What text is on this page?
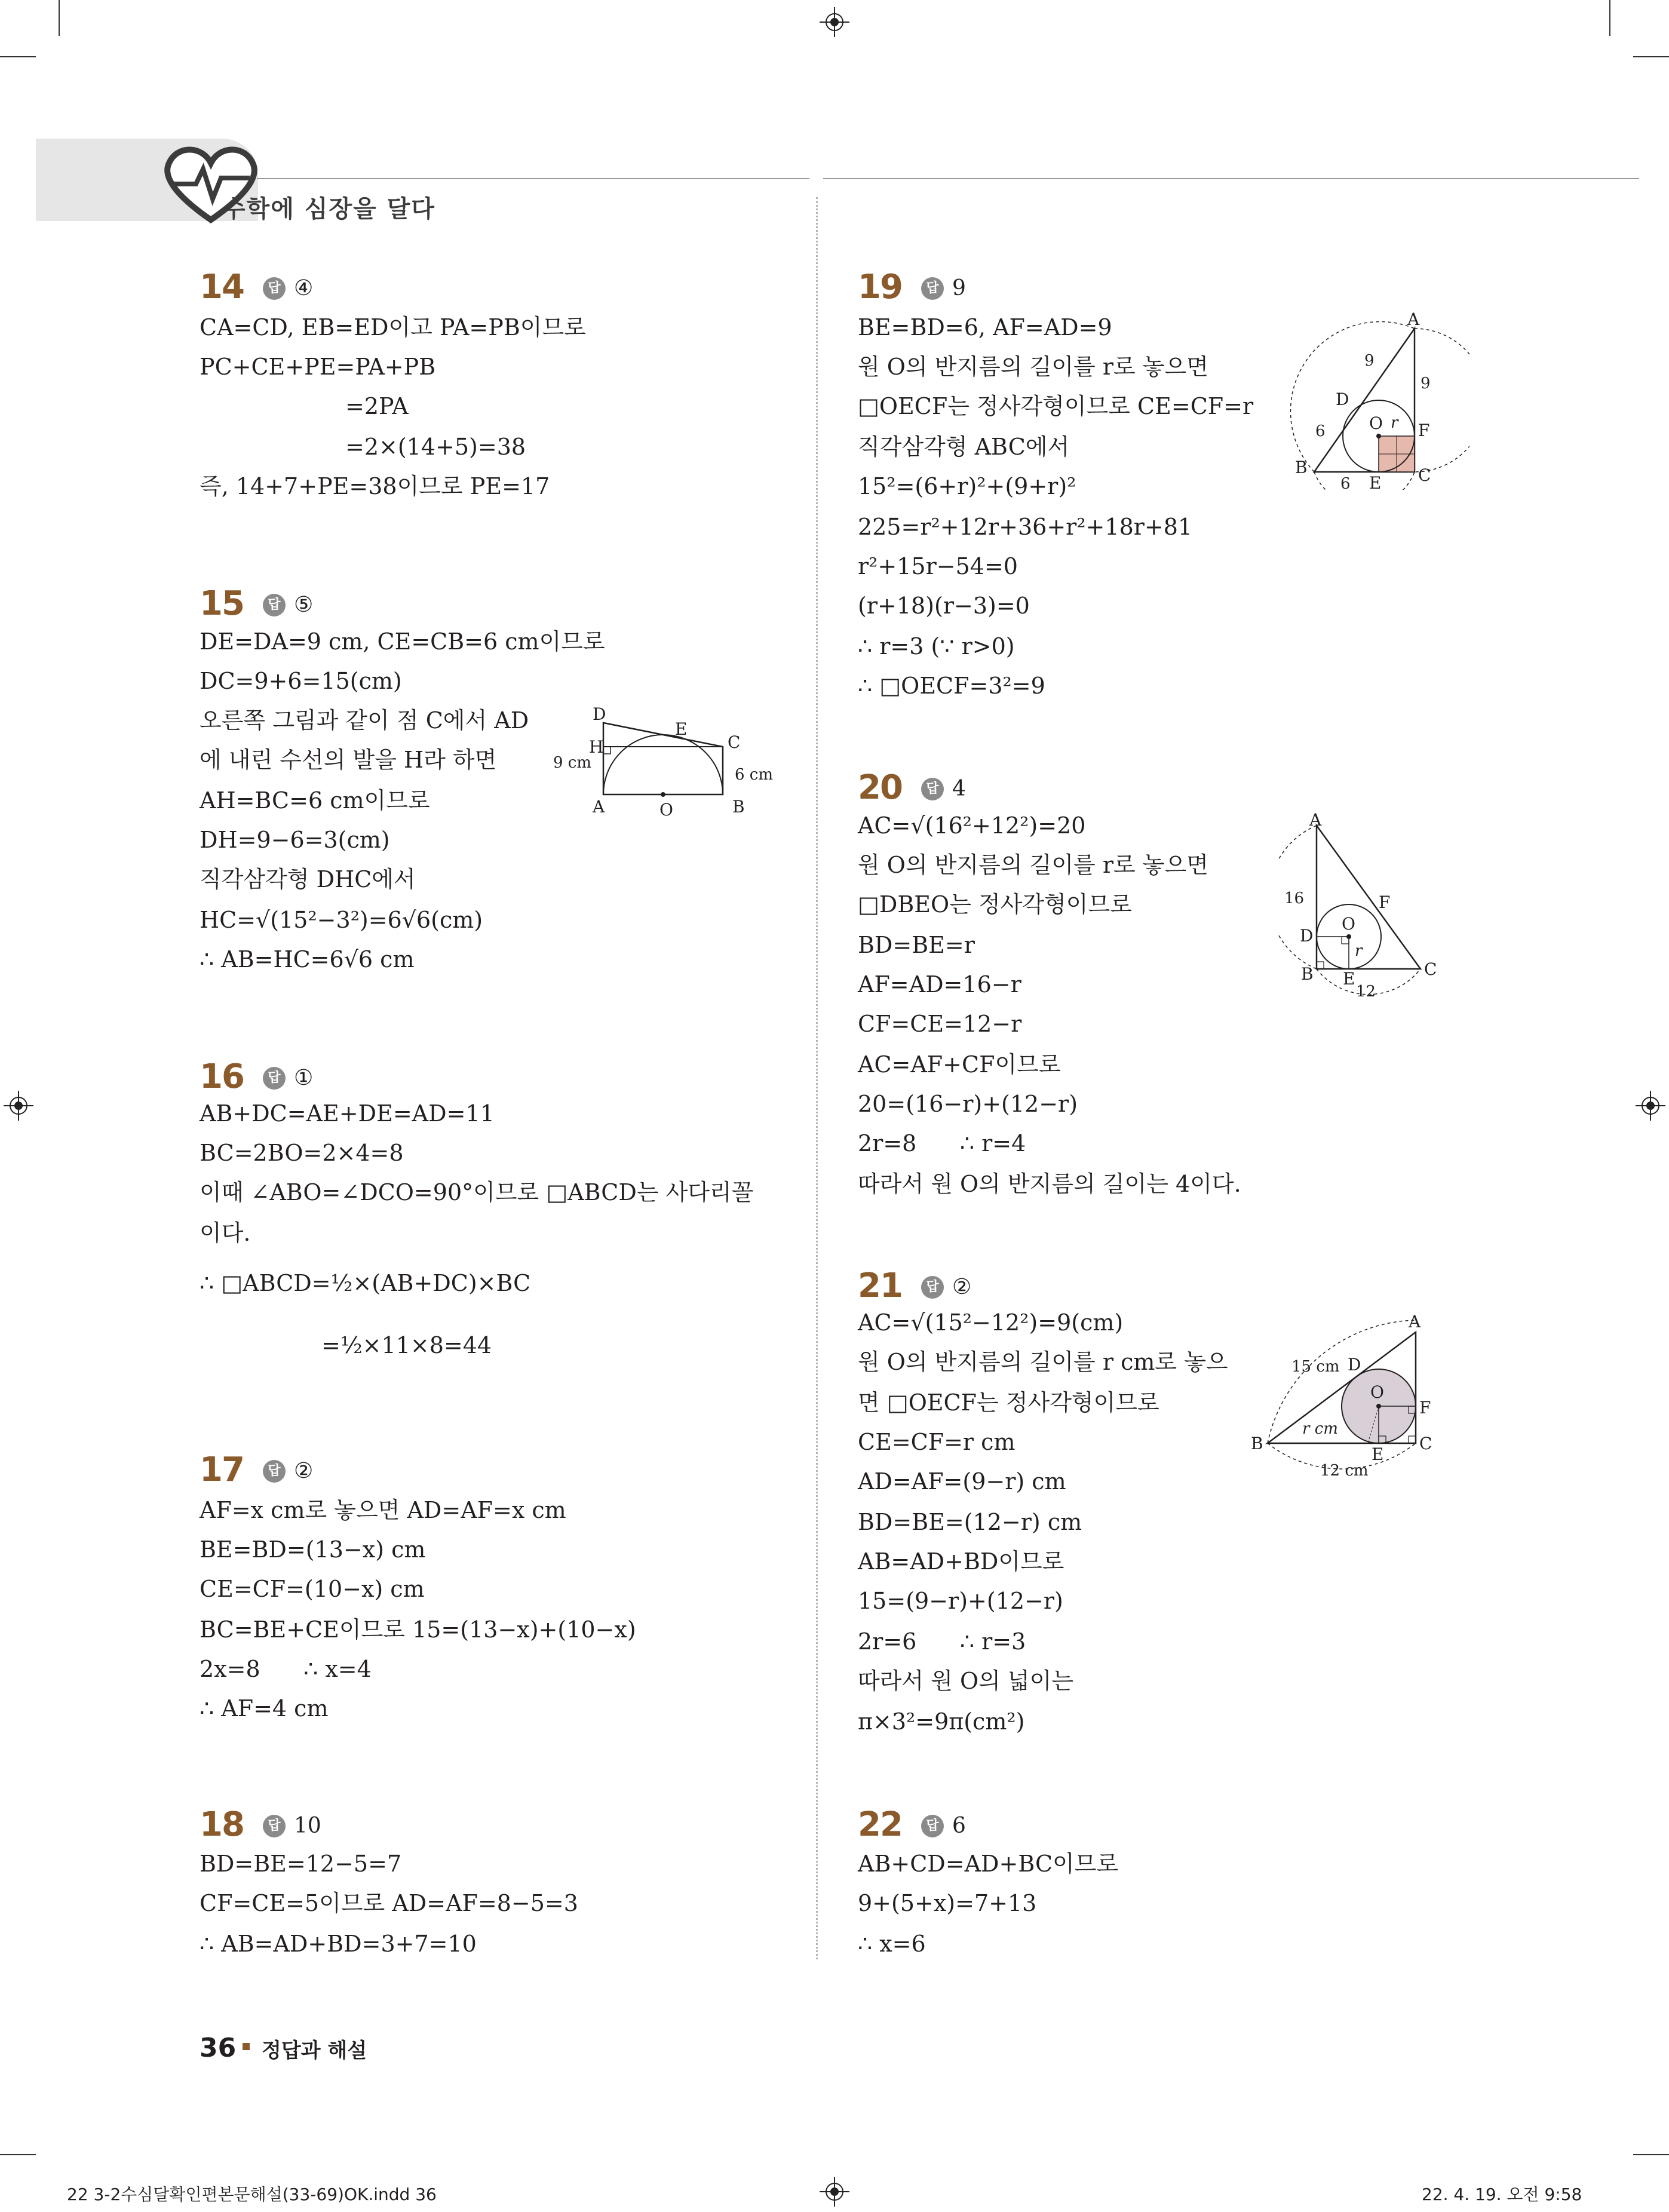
수학에 심장을 달다
14	답 ④
CA=CD, EB=ED이고 PA=PB이므로
PC+CE+PE=PA+PB
=2PA
=2×(14+5)=38
즉, 14+7+PE=38이므로 PE=17
15	답 ⑤
DE=DA=9 cm, CE=CB=6 cm이므로
DC=9+6=15(cm)
오른쪽 그림과 같이 점 C에서 AD
에 내린 수선의 발을 H라 하면
AH=BC=6 cm이므로
DH=9−6=3(cm)
직각삼각형 DHC에서
HC=√(15²−3²)=6√6(cm)
∴ AB=HC=6√6 cm
D
H
E
C
A	O	B
9 cm
6 cm
16	답 ①
AB+DC=AE+DE=AD=11
BC=2BO=2×4=8
이때 ∠ABO=∠DCO=90°이므로 □ABCD는 사다리꼴
이다.
∴ □ABCD=½×(AB+DC)×BC
=½×11×8=44
17	답 ②
AF=x cm로 놓으면 AD=AF=x cm
BE=BD=(13−x) cm
CE=CF=(10−x) cm
BC=BE+CE이므로 15=(13−x)+(10−x)
2x=8      ∴ x=4
∴ AF=4 cm
18	답 10
BD=BE=12−5=7
CF=CE=5이므로 AD=AF=8−5=3
∴ AB=AD+BD=3+7=10
19	답 9
BE=BD=6, AF=AD=9
원 O의 반지름의 길이를 r로 놓으면
□OECF는 정사각형이므로 CE=CF=r
직각삼각형 ABC에서
15²=(6+r)²+(9+r)²
225=r²+12r+36+r²+18r+81
r²+15r−54=0
(r+18)(r−3)=0
∴ r=3 (∵ r>0)
∴ □OECF=3²=9
A
B	C
D
E
F
O r
9
9
6
6
20	답 4
AC=√(16²+12²)=20
원 O의 반지름의 길이를 r로 놓으면
□DBEO는 정사각형이므로
BD=BE=r
AF=AD=16−r
CF=CE=12−r
AC=AF+CF이므로
20=(16−r)+(12−r)
2r=8      ∴ r=4
따라서 원 O의 반지름의 길이는 4이다.
A
B	C
D
E
F
O
r
16
12
21	답 ②
AC=√(15²−12²)=9(cm)
원 O의 반지름의 길이를 r cm로 놓으
면 □OECF는 정사각형이므로
CE=CF=r cm
AD=AF=(9−r) cm
BD=BE=(12−r) cm
AB=AD+BD이므로
15=(9−r)+(12−r)
2r=6      ∴ r=3
따라서 원 O의 넓이는
π×3²=9π(cm²)
A
B	C
D
E
F
O
r cm
15 cm
12 cm
22	답 6
AB+CD=AD+BC이므로
9+(5+x)=7+13
∴ x=6
36 정답과 해설
22 3-2수심달확인편본문해설(33-69)OK.indd 36	22. 4. 19. 오전 9:58
